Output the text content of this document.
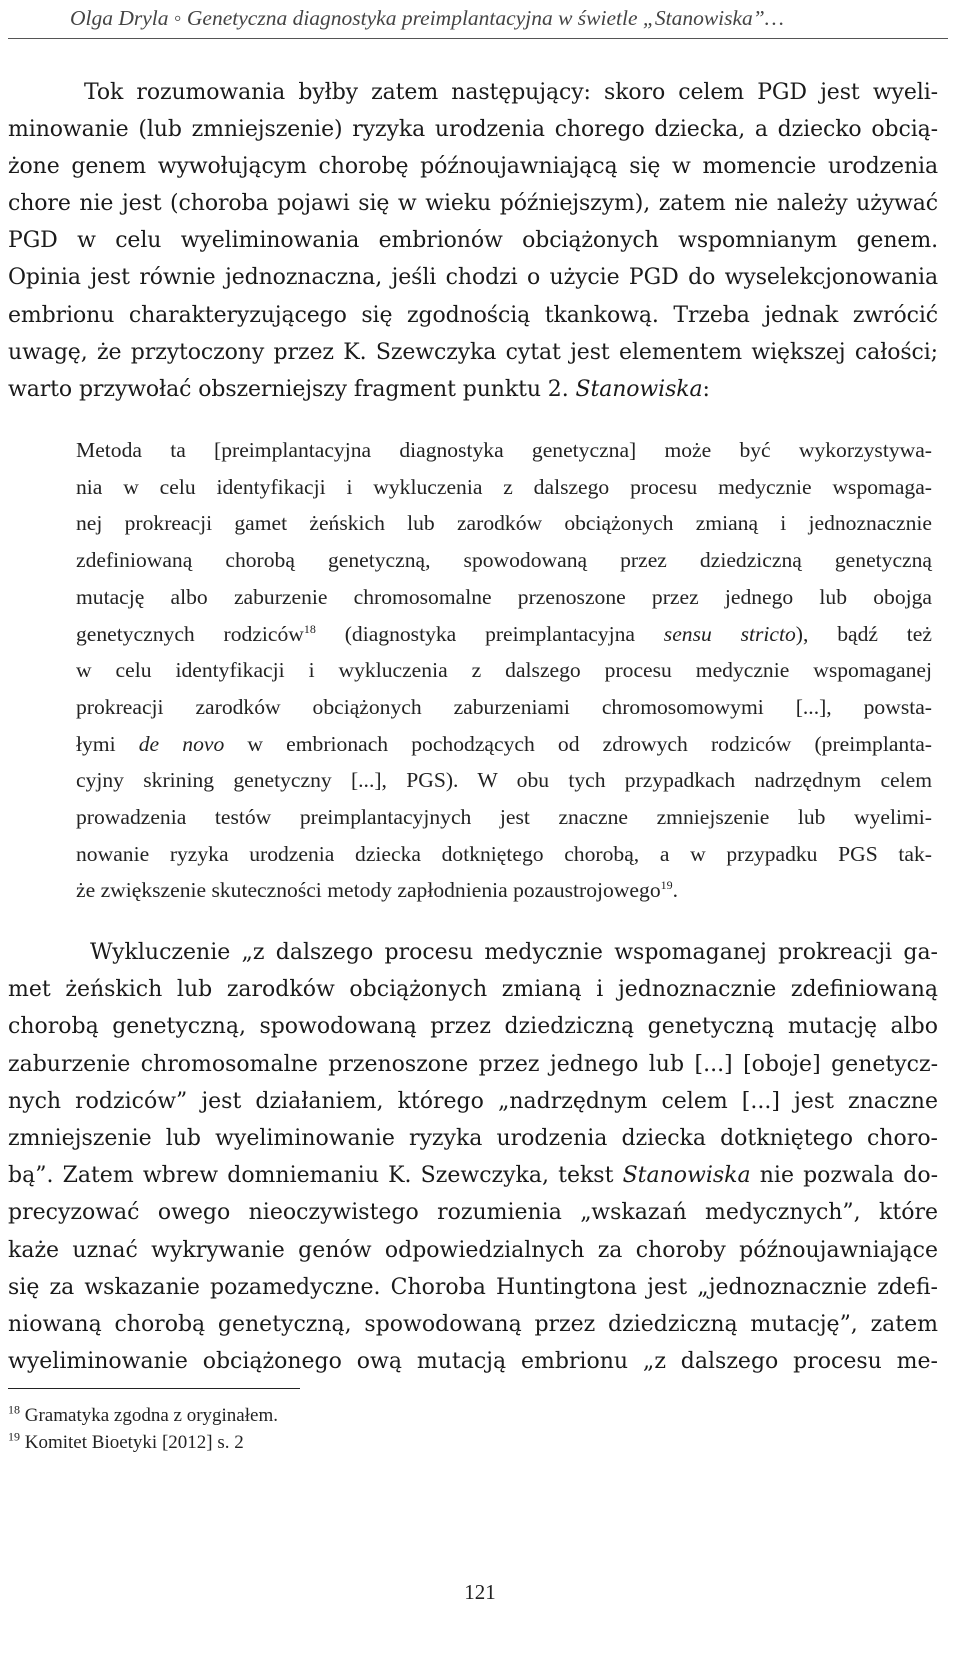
Olga Dryla ◦ Genetyczna diagnostyka preimplantacyjna w świetle „Stanowiska”…
Tok rozumowania byłby zatem następujący: skoro celem PGD jest wyeli-
minowanie (lub zmniejszenie) ryzyka urodzenia chorego dziecka, a dziecko obcią-
żone genem wywołującym chorobę późnoujawniającą się w momencie urodzenia
chore nie jest (choroba pojawi się w wieku późniejszym), zatem nie należy używać
PGD w celu wyeliminowania embrionów obciążonych wspomnianym genem.
Opinia jest równie jednoznaczna, jeśli chodzi o użycie PGD do wyselekcjonowania
embrionu charakteryzującego się zgodnością tkankową. Trzeba jednak zwrócić
uwagę, że przytoczony przez K. Szewczyka cytat jest elementem większej całości;
warto przywołać obszerniejszy fragment punktu 2. Stanowiska:
Metoda ta [preimplantacyjna diagnostyka genetyczna] może być wykorzystywa-
nia w celu identyfikacji i wykluczenia z dalszego procesu medycznie wspomaga-
nej prokreacji gamet żeńskich lub zarodków obciążonych zmianą i jednoznacznie
zdefiniowaną chorobą genetyczną, spowodowaną przez dziedziczną genetyczną
mutację albo zaburzenie chromosomalne przenoszone przez jednego lub obojga
genetycznych rodziców$^{18}$ (diagnostyka preimplantacyjna sensu stricto), bądź też
w celu identyfikacji i wykluczenia z dalszego procesu medycznie wspomaganej
prokreacji zarodków obciążonych zaburzeniami chromosomowymi [...], powsta-
łymi de novo w embrionach pochodzących od zdrowych rodziców (preimplanta-
cyjny skrining genetyczny [...], PGS). W obu tych przypadkach nadrzędnym celem
prowadzenia testów preimplantacyjnych jest znaczne zmniejszenie lub wyelimi-
nowanie ryzyka urodzenia dziecka dotkniętego chorobą, a w przypadku PGS tak-
że zwiększenie skuteczności metody zapłodnienia pozaustrojowego$^{19}$.
Wykluczenie „z dalszego procesu medycznie wspomaganej prokreacji ga-
met żeńskich lub zarodków obciążonych zmianą i jednoznacznie zdefiniowaną
chorobą genetyczną, spowodowaną przez dziedziczną genetyczną mutację albo
zaburzenie chromosomalne przenoszone przez jednego lub [...] [oboje] genetycz-
nych rodziców” jest działaniem, którego „nadrzędnym celem [...] jest znaczne
zmniejszenie lub wyeliminowanie ryzyka urodzenia dziecka dotkniętego choro-
bą”. Zatem wbrew domniemaniu K. Szewczyka, tekst Stanowiska nie pozwala do-
precyzować owego nieoczywistego rozumienia „wskazań medycznych”, które
każe uznać wykrywanie genów odpowiedzialnych za choroby późnoujawniające
się za wskazanie pozamedyczne. Choroba Huntingtona jest „jednoznacznie zdefi-
niowaną chorobą genetyczną, spowodowaną przez dziedziczną mutację”, zatem
wyeliminowanie obciążonego ową mutacją embrionu „z dalszego procesu me-
$^{18}$ Gramatyka zgodna z oryginałem.
$^{19}$ Komitet Bioetyki [2012] s. 2
121
